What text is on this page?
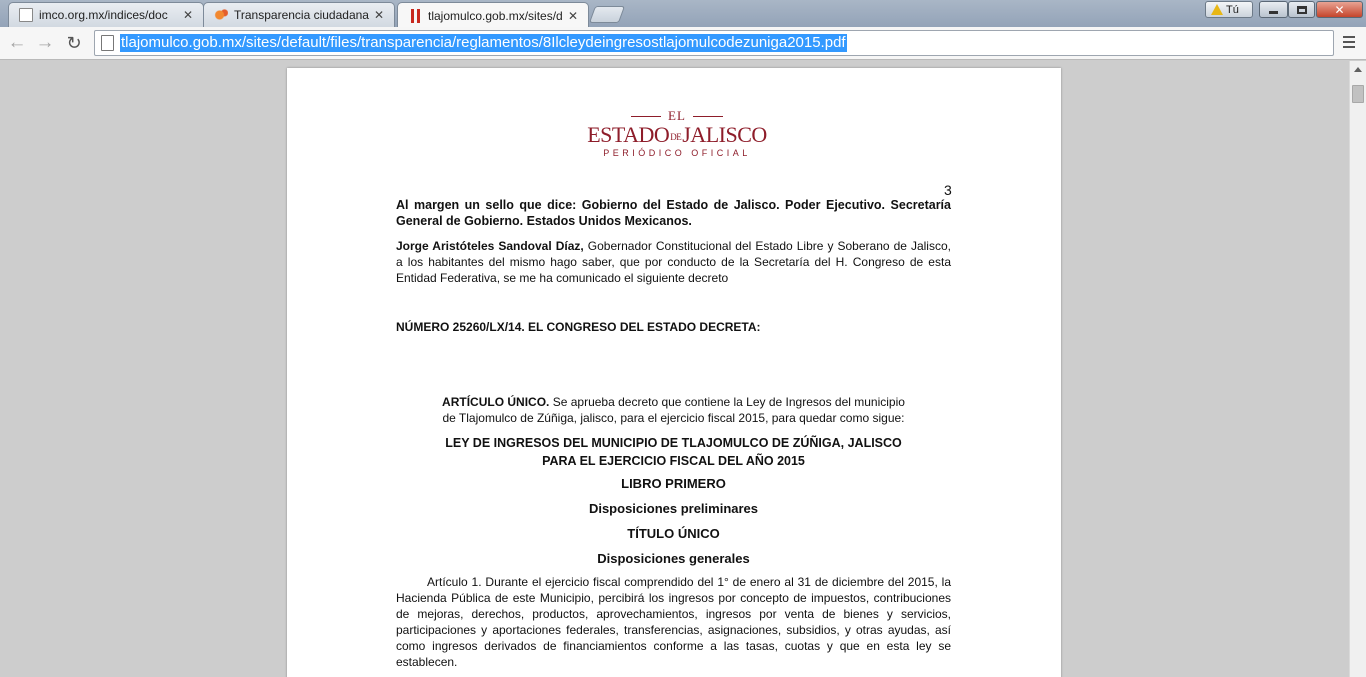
imco.org.mx/indices/doc	✕	Transparencia ciudadana ✕	tlajomulco.gob.mx/sites/d ✕	Tú	✕
← → ↻	tlajomulco.gob.mx/sites/default/files/transparencia/reglamentos/8Ilcleydeingresostlajomulcodezuniga2015.pdf
EL
ESTADODEJALISCO
PERIÓDICO OFICIAL
3
Al margen un sello que dice: Gobierno del Estado de Jalisco. Poder Ejecutivo. Secretaría General de Gobierno. Estados Unidos Mexicanos.
Jorge Aristóteles Sandoval Díaz, Gobernador Constitucional del Estado Libre y Soberano de Jalisco, a los habitantes del mismo hago saber, que por conducto de la Secretaría del H. Congreso de esta Entidad Federativa, se me ha comunicado el siguiente decreto
NÚMERO 25260/LX/14. EL CONGRESO DEL ESTADO DECRETA:
ARTÍCULO ÚNICO. Se aprueba decreto que contiene la Ley de Ingresos del municipio
de Tlajomulco de Zúñiga, jalisco, para el ejercicio fiscal 2015, para quedar como sigue:
LEY DE INGRESOS DEL MUNICIPIO DE TLAJOMULCO DE ZÚÑIGA, JALISCO
PARA EL EJERCICIO FISCAL DEL AÑO 2015
LIBRO PRIMERO
Disposiciones preliminares
TÍTULO ÚNICO
Disposiciones generales
Artículo 1. Durante el ejercicio fiscal comprendido del 1° de enero al 31 de diciembre del 2015, la Hacienda Pública de este Municipio, percibirá los ingresos por concepto de impuestos, contribuciones de mejoras, derechos, productos, aprovechamientos, ingresos por venta de bienes y servicios, participaciones y aportaciones federales, transferencias, asignaciones, subsidios, y otras ayudas, así como ingresos derivados de financiamientos conforme a las tasas, cuotas y que en esta ley se establecen.
